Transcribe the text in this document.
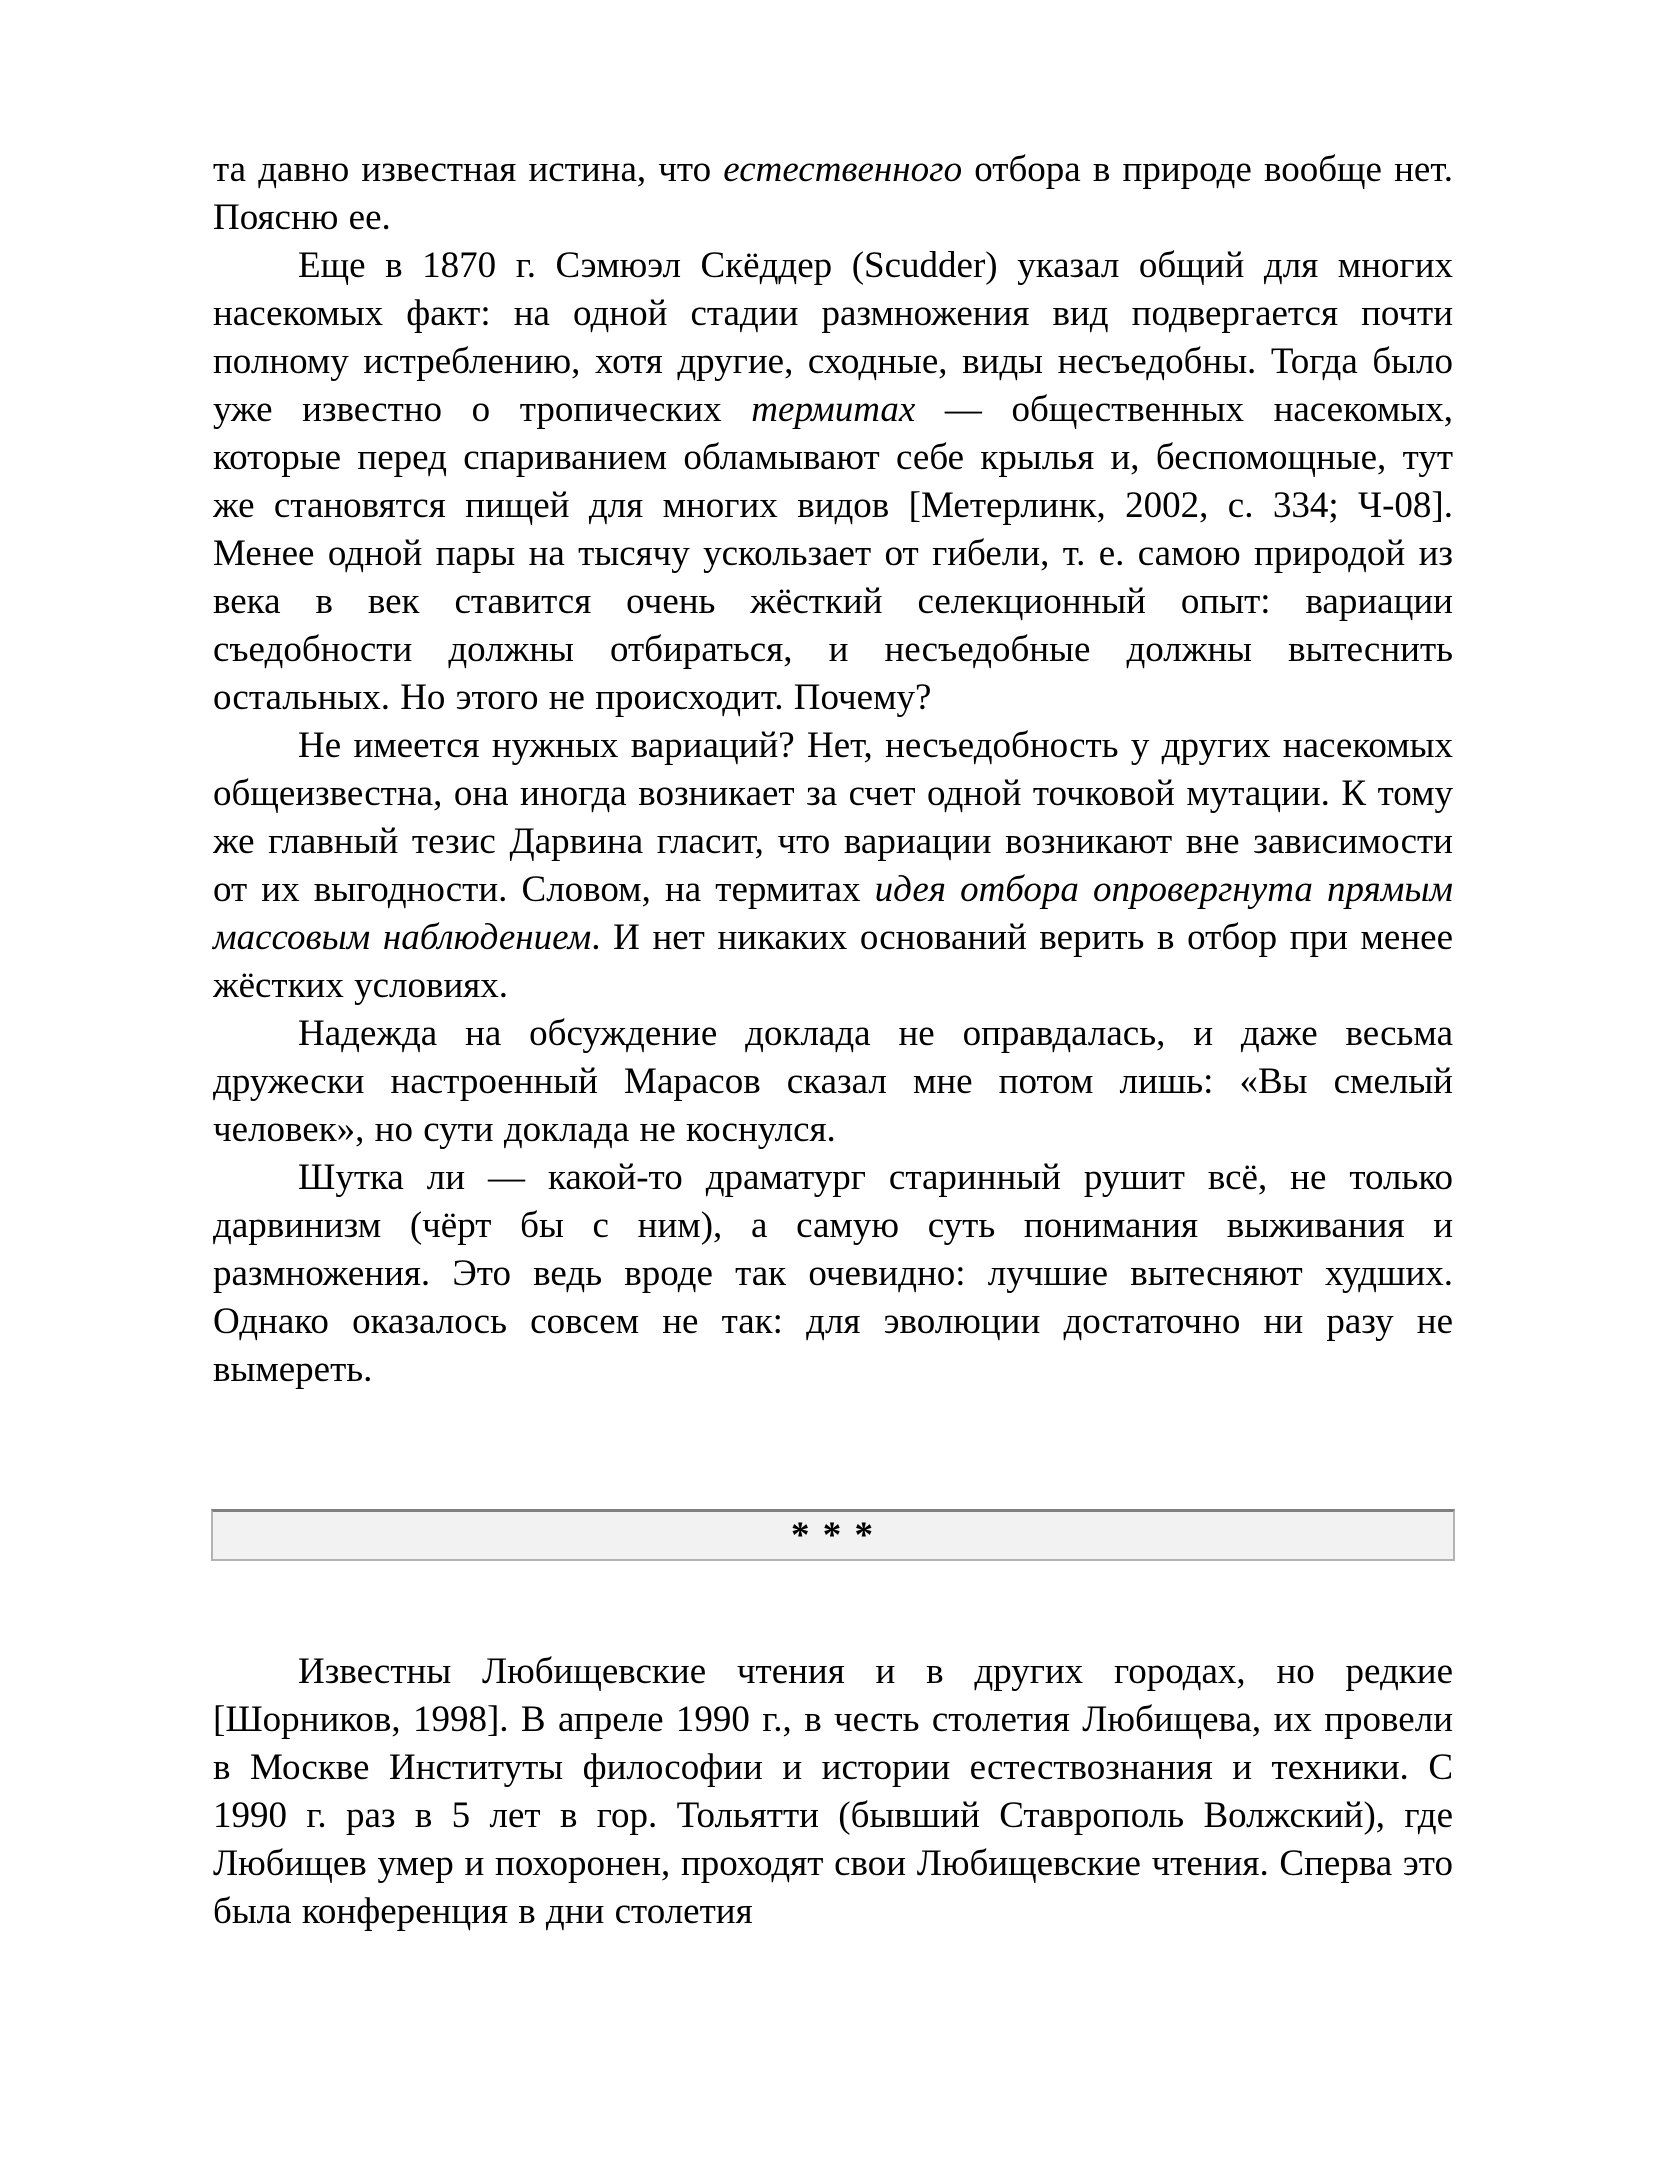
та давно известная истина, что естественного отбора в природе вообще нет. Поясню ее.

Еще в 1870 г. Сэмюэл Скёддер (Scudder) указал общий для многих насекомых факт: на одной стадии размножения вид подвергается почти полному истреблению, хотя другие, сходные, виды несъедобны. Тогда было уже известно о тропических термитах — общественных насекомых, которые перед спариванием обламывают себе крылья и, беспомощные, тут же становятся пищей для многих видов [Метерлинк, 2002, с. 334; Ч-08]. Менее одной пары на тысячу ускользает от гибели, т. е. самою природой из века в век ставится очень жёсткий селекционный опыт: вариации съедобности должны отбираться, и несъедобные должны вытеснить остальных. Но этого не происходит. Почему?

Не имеется нужных вариаций? Нет, несъедобность у других насекомых общеизвестна, она иногда возникает за счет одной точковой мутации. К тому же главный тезис Дарвина гласит, что вариации возникают вне зависимости от их выгодности. Словом, на термитах идея отбора опровергнута прямым массовым наблюдением. И нет никаких оснований верить в отбор при менее жёстких условиях.

Надежда на обсуждение доклада не оправдалась, и даже весьма дружески настроенный Марасов сказал мне потом лишь: «Вы смелый человек», но сути доклада не коснулся.

Шутка ли — какой-то драматург старинный рушит всё, не только дарвинизм (чёрт бы с ним), а самую суть понимания выживания и размножения. Это ведь вроде так очевидно: лучшие вытесняют худших. Однако оказалось совсем не так: для эволюции достаточно ни разу не вымереть.

* * *

Известны Любищевские чтения и в других городах, но редкие [Шорников, 1998]. В апреле 1990 г., в честь столетия Любищева, их провели в Москве Институты философии и истории естествознания и техники. С 1990 г. раз в 5 лет в гор. Тольятти (бывший Ставрополь Волжский), где Любищев умер и похоронен, проходят свои Любищевские чтения. Сперва это была конференция в дни столетия
